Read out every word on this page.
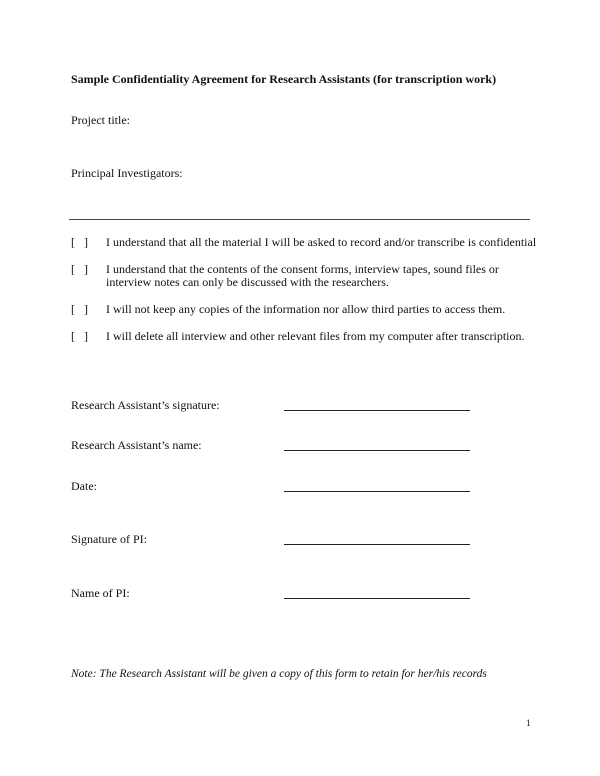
Sample Confidentiality Agreement for Research Assistants (for transcription work)
Project title:
Principal Investigators:
[   ]	I understand that all the material I will be asked to record and/or transcribe is confidential
[   ]	I understand that the contents of the consent forms, interview tapes, sound files or interview notes can only be discussed with the researchers.
[   ]	I will not keep any copies of the information nor allow third parties to access them.
[   ]	I will delete all interview and other relevant files from my computer after transcription.
Research Assistant’s signature:
Research Assistant’s name:
Date:
Signature of PI:
Name of PI:
Note: The Research Assistant will be given a copy of this form to retain for her/his records
1
